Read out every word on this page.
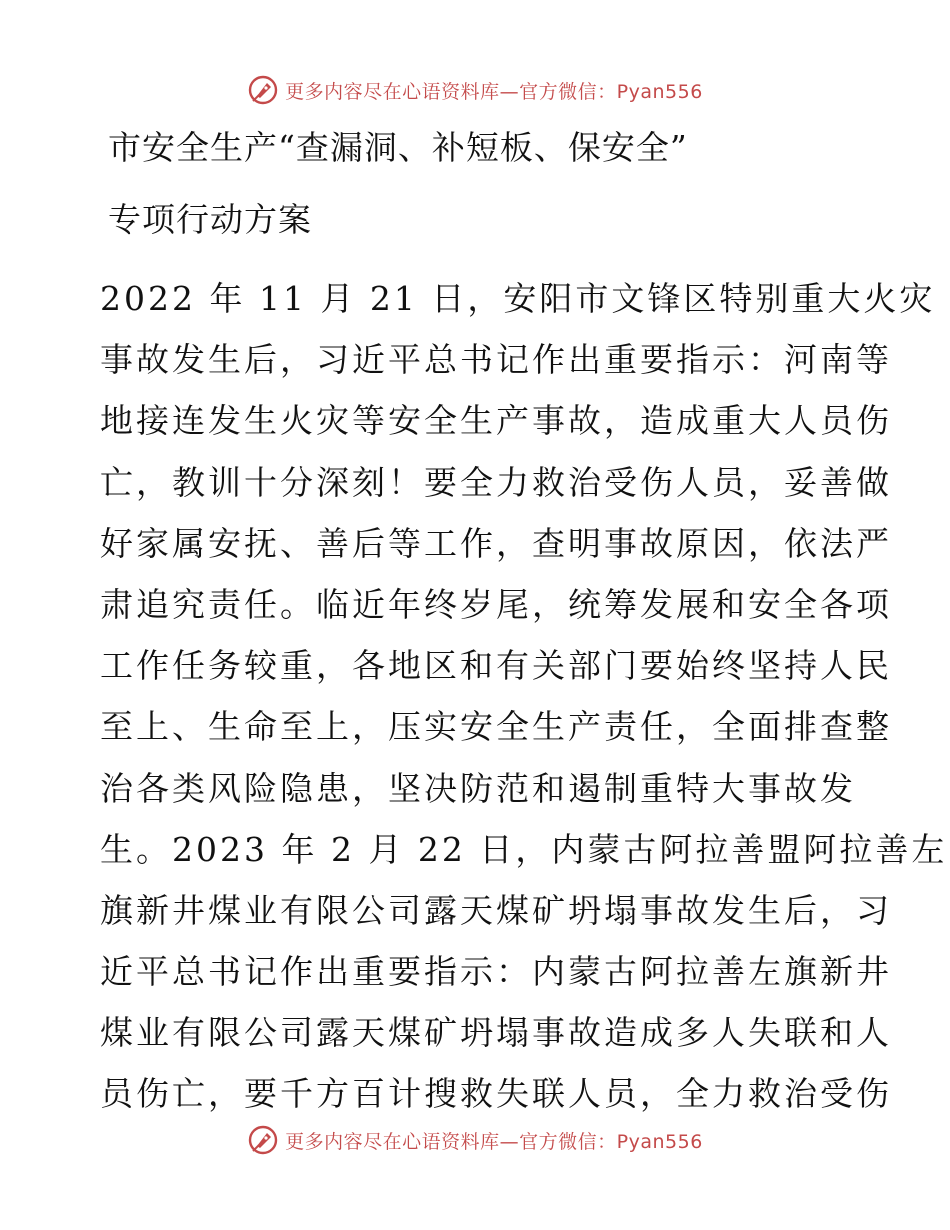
更多内容尽在心语资料库—官方微信：Pyan556
市安全生产“查漏洞、补短板、保安全”
专项行动方案
2022 年 11 月 21 日，安阳市文锋区特别重大火灾
事故发生后，习近平总书记作出重要指示：河南等
地接连发生火灾等安全生产事故，造成重大人员伤
亡，教训十分深刻！要全力救治受伤人员，妥善做
好家属安抚、善后等工作，查明事故原因，依法严
肃追究责任。临近年终岁尾，统筹发展和安全各项
工作任务较重，各地区和有关部门要始终坚持人民
至上、生命至上，压实安全生产责任，全面排查整
治各类风险隐患，坚决防范和遏制重特大事故发
生。2023 年 2 月 22 日，内蒙古阿拉善盟阿拉善左
旗新井煤业有限公司露天煤矿坍塌事故发生后，习
近平总书记作出重要指示：内蒙古阿拉善左旗新井
煤业有限公司露天煤矿坍塌事故造成多人失联和人
员伤亡，要千方百计搜救失联人员，全力救治受伤
更多内容尽在心语资料库—官方微信：Pyan556
